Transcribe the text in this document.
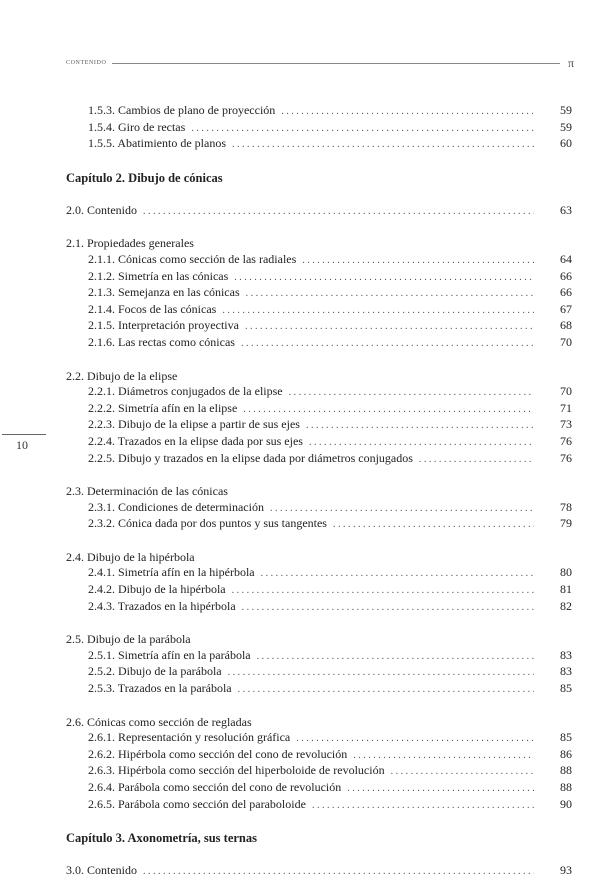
CONTENIDO	π
10
1.5.3. Cambios de plano de proyección . . .	59
1.5.4. Giro de rectas . . .	59
1.5.5. Abatimiento de planos . . .	60
Capítulo 2. Dibujo de cónicas
2.0. Contenido . . .	63
2.1. Propiedades generales
2.1.1. Cónicas como sección de las radiales . . .	64
2.1.2. Simetría en las cónicas . . .	66
2.1.3. Semejanza en las cónicas . . .	66
2.1.4. Focos de las cónicas . . .	67
2.1.5. Interpretación proyectiva . . .	68
2.1.6. Las rectas como cónicas . . .	70
2.2. Dibujo de la elipse
2.2.1. Diámetros conjugados de la elipse . . .	70
2.2.2. Simetría afín en la elipse . . .	71
2.2.3. Dibujo de la elipse a partir de sus ejes . . .	73
2.2.4. Trazados en la elipse dada por sus ejes . . .	76
2.2.5. Dibujo y trazados en la elipse dada por diámetros conjugados . . .	76
2.3. Determinación de las cónicas
2.3.1. Condiciones de determinación . . .	78
2.3.2. Cónica dada por dos puntos y sus tangentes . . .	79
2.4. Dibujo de la hipérbola
2.4.1. Simetría afín en la hipérbola . . .	80
2.4.2. Dibujo de la hipérbola . . .	81
2.4.3. Trazados en la hipérbola . . .	82
2.5. Dibujo de la parábola
2.5.1. Simetría afín en la parábola . . .	83
2.5.2. Dibujo de la parábola . . .	83
2.5.3. Trazados en la parábola . . .	85
2.6. Cónicas como sección de regladas
2.6.1. Representación y resolución gráfica . . .	85
2.6.2. Hipérbola como sección del cono de revolución . . .	86
2.6.3. Hipérbola como sección del hiperboloide de revolución . . .	88
2.6.4. Parábola como sección del cono de revolución . . .	88
2.6.5. Parábola como sección del paraboloide . . .	90
Capítulo 3. Axonometría, sus ternas
3.0. Contenido . . .	93
